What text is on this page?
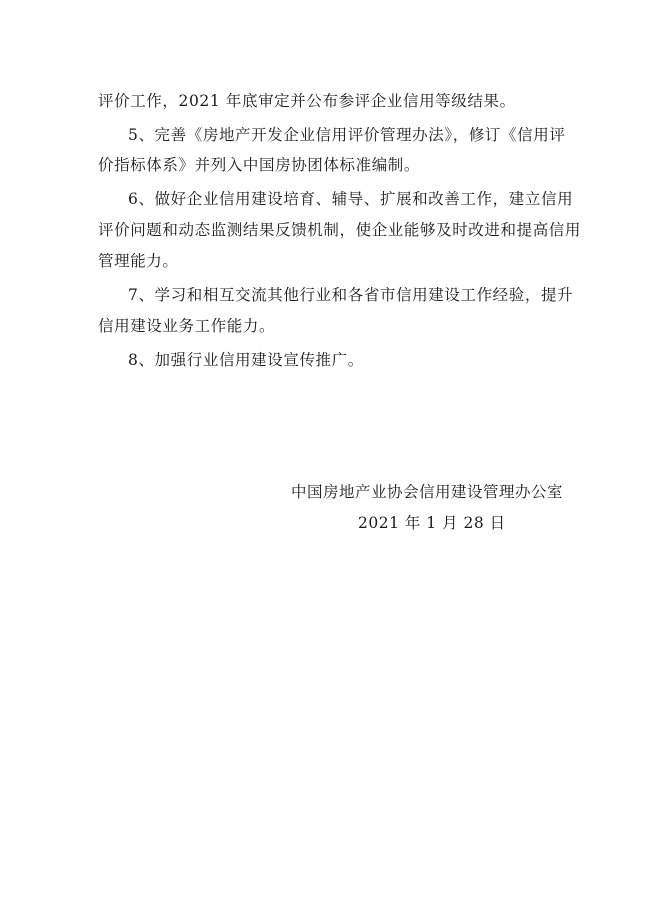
评价工作，2021 年底审定并公布参评企业信用等级结果。
5、完善《房地产开发企业信用评价管理办法》，修订《信用评
价指标体系》并列入中国房协团体标准编制。
6、做好企业信用建设培育、辅导、扩展和改善工作，建立信用
评价问题和动态监测结果反馈机制，使企业能够及时改进和提高信用
管理能力。
7、学习和相互交流其他行业和各省市信用建设工作经验，提升
信用建设业务工作能力。
8、加强行业信用建设宣传推广。
中国房地产业协会信用建设管理办公室
2021 年 1 月 28 日
